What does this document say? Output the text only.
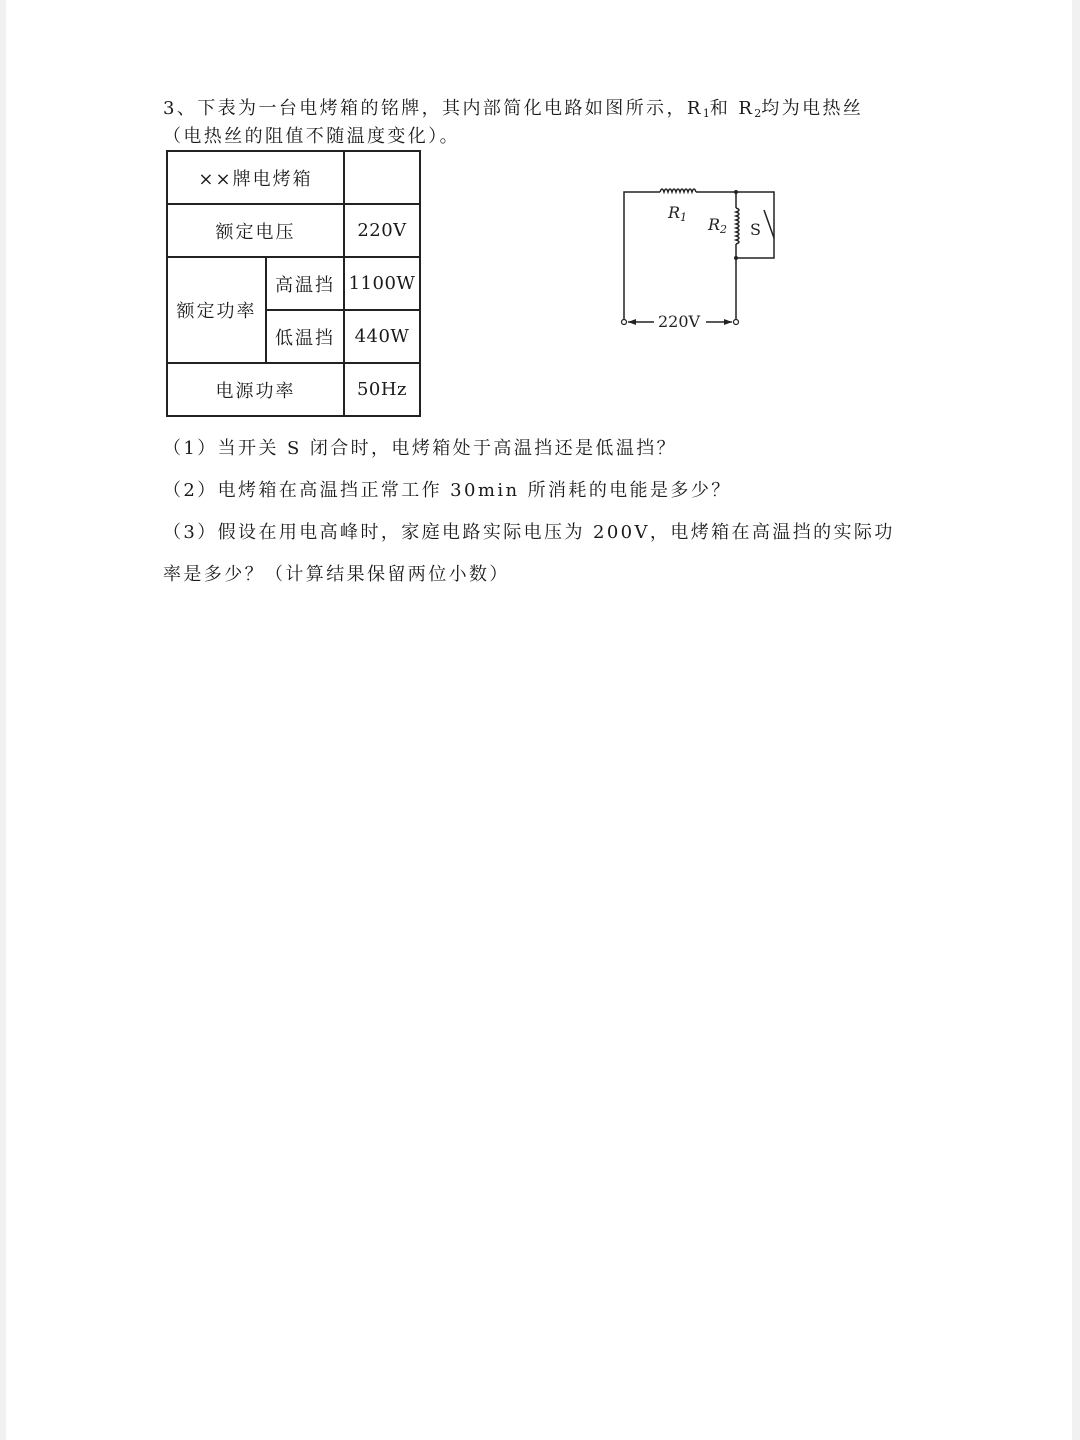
3、下表为一台电烤箱的铭牌，其内部简化电路如图所示，R1和 R2均为电热丝
（电热丝的阻值不随温度变化）。
××牌电烤箱		
额定电压		220V
额定功率	高温挡	1100W
	低温挡	440W
电源功率		50Hz
R1 R2 S
220V
（1）当开关 S 闭合时，电烤箱处于高温挡还是低温挡？
（2）电烤箱在高温挡正常工作 30min 所消耗的电能是多少？
（3）假设在用电高峰时，家庭电路实际电压为 200V，电烤箱在高温挡的实际功
率是多少？（计算结果保留两位小数）
